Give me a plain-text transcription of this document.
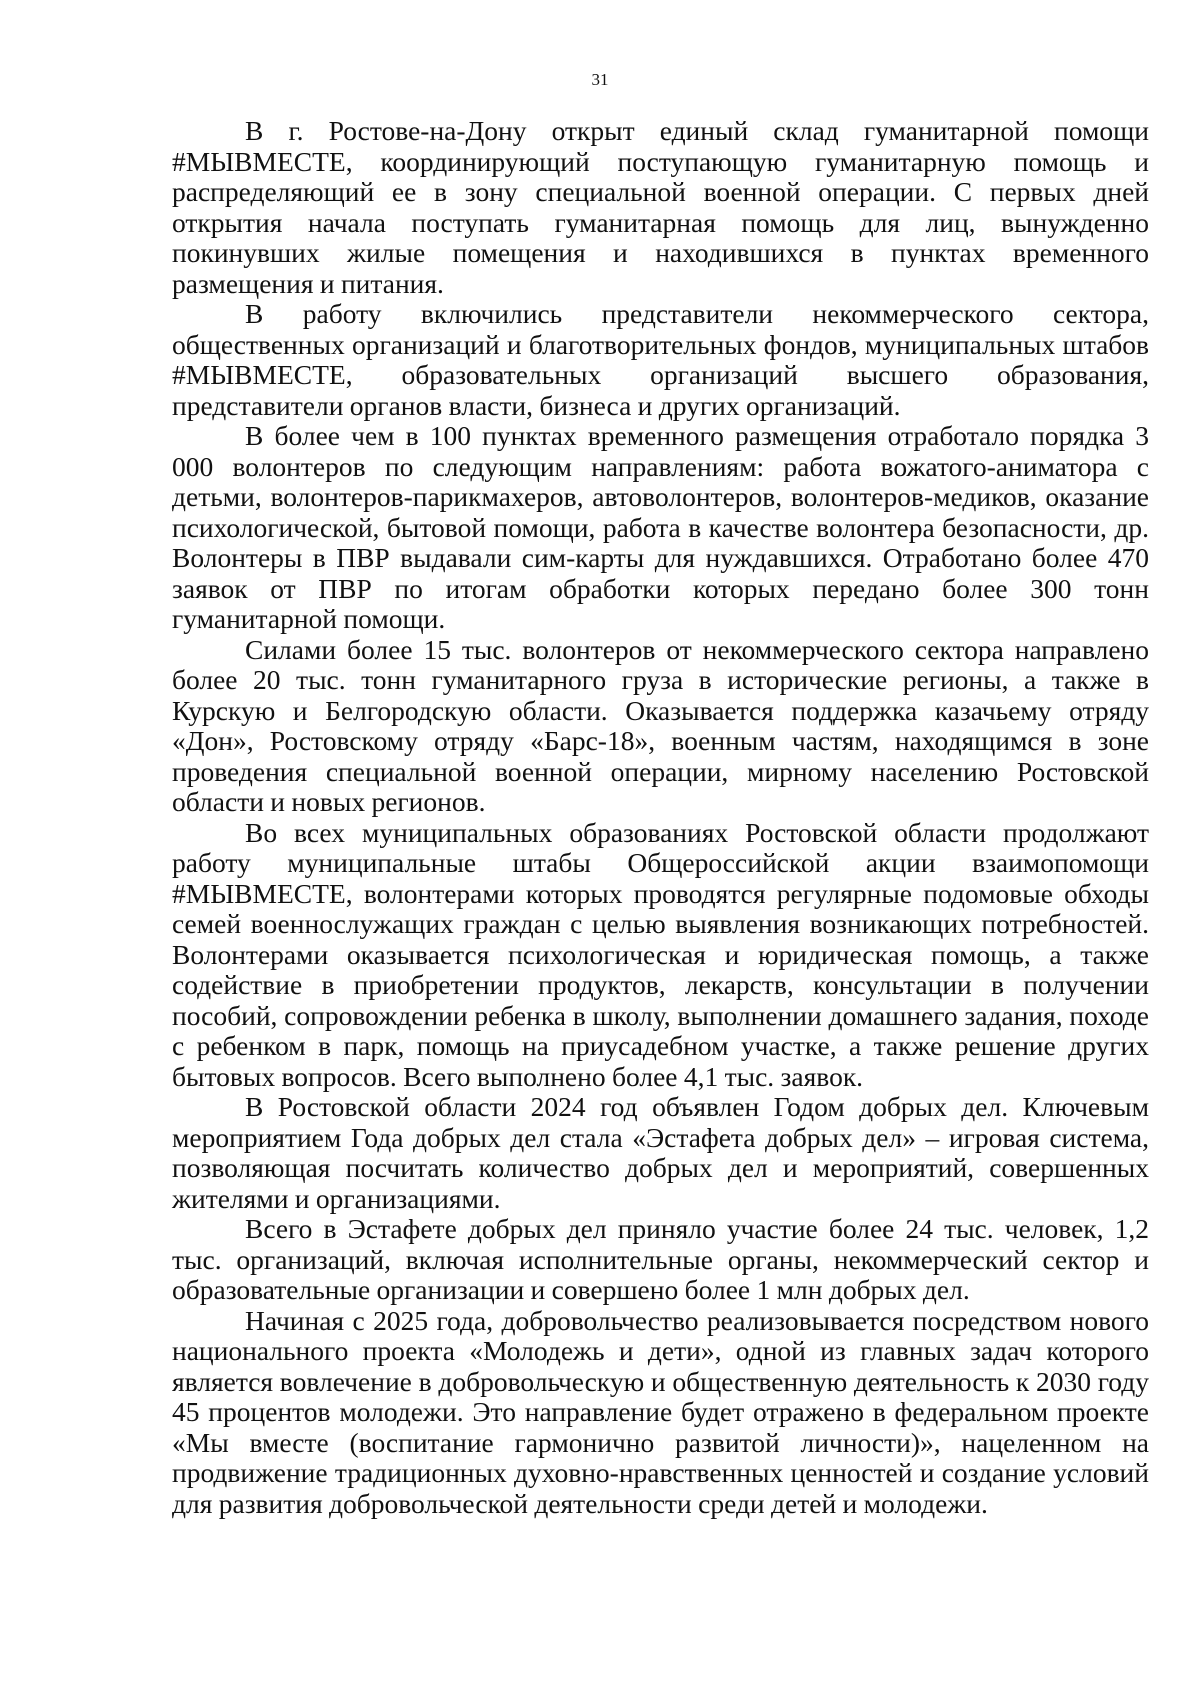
31

В г. Ростове-на-Дону открыт единый склад гуманитарной помощи #МЫВМЕСТЕ, координирующий поступающую гуманитарную помощь и распределяющий ее в зону специальной военной операции. С первых дней открытия начала поступать гуманитарная помощь для лиц, вынужденно покинувших жилые помещения и находившихся в пунктах временного размещения и питания.

В работу включились представители некоммерческого сектора, общественных организаций и благотворительных фондов, муниципальных штабов #МЫВМЕСТЕ, образовательных организаций высшего образования, представители органов власти, бизнеса и других организаций.

В более чем в 100 пунктах временного размещения отработало порядка 3 000 волонтеров по следующим направлениям: работа вожатого-аниматора с детьми, волонтеров-парикмахеров, автоволонтеров, волонтеров-медиков, оказание психологической, бытовой помощи, работа в качестве волонтера безопасности, др. Волонтеры в ПВР выдавали сим-карты для нуждавшихся. Отработано более 470 заявок от ПВР по итогам обработки которых передано более 300 тонн гуманитарной помощи.

Силами более 15 тыс. волонтеров от некоммерческого сектора направлено более 20 тыс. тонн гуманитарного груза в исторические регионы, а также в Курскую и Белгородскую области. Оказывается поддержка казачьему отряду «Дон», Ростовскому отряду «Барс-18», военным частям, находящимся в зоне проведения специальной военной операции, мирному населению Ростовской области и новых регионов.

Во всех муниципальных образованиях Ростовской области продолжают работу муниципальные штабы Общероссийской акции взаимопомощи #МЫВМЕСТЕ, волонтерами которых проводятся регулярные подомовые обходы семей военнослужащих граждан с целью выявления возникающих потребностей. Волонтерами оказывается психологическая и юридическая помощь, а также содействие в приобретении продуктов, лекарств, консультации в получении пособий, сопровождении ребенка в школу, выполнении домашнего задания, походе с ребенком в парк, помощь на приусадебном участке, а также решение других бытовых вопросов. Всего выполнено более 4,1 тыс. заявок.

В Ростовской области 2024 год объявлен Годом добрых дел. Ключевым мероприятием Года добрых дел стала «Эстафета добрых дел» – игровая система, позволяющая посчитать количество добрых дел и мероприятий, совершенных жителями и организациями.

Всего в Эстафете добрых дел приняло участие более 24 тыс. человек, 1,2 тыс. организаций, включая исполнительные органы, некоммерческий сектор и образовательные организации и совершено более 1 млн добрых дел.

Начиная с 2025 года, добровольчество реализовывается посредством нового национального проекта «Молодежь и дети», одной из главных задач которого является вовлечение в добровольческую и общественную деятельность к 2030 году 45 процентов молодежи. Это направление будет отражено в федеральном проекте «Мы вместе (воспитание гармонично развитой личности)», нацеленном на продвижение традиционных духовно-нравственных ценностей и создание условий для развития добровольческой деятельности среди детей и молодежи.
